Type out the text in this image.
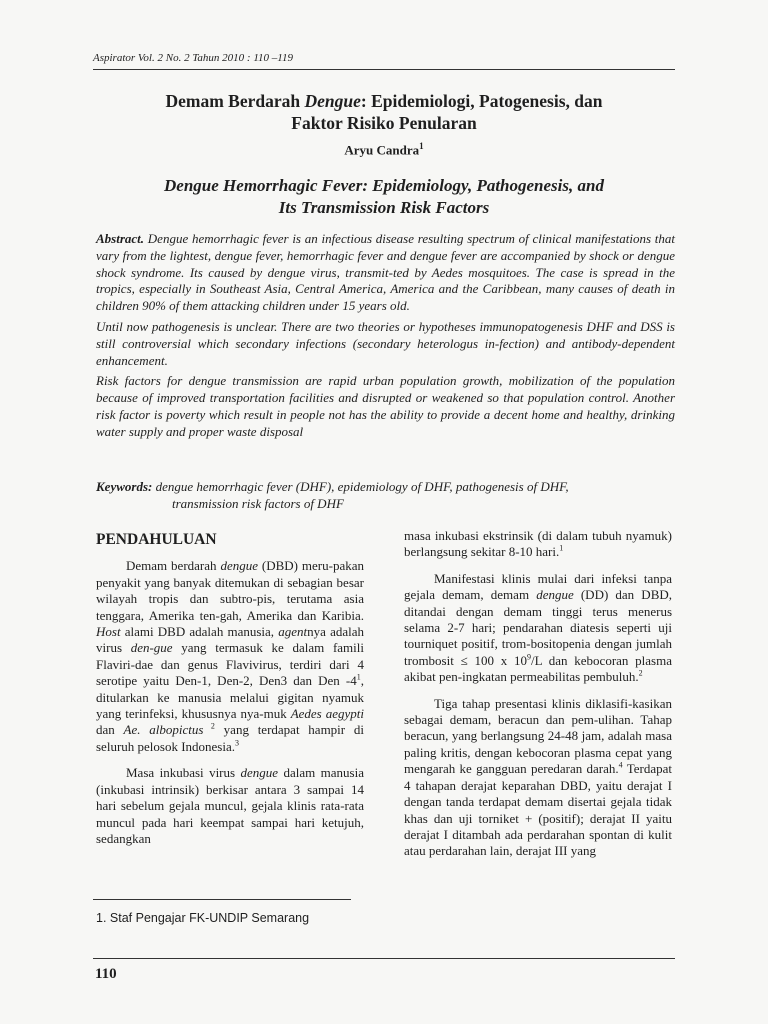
Aspirator Vol. 2 No. 2 Tahun 2010 : 110 –119
Demam Berdarah Dengue: Epidemiologi, Patogenesis, dan
Faktor Risiko Penularan
Aryu Candra$^1$
Dengue Hemorrhagic Fever: Epidemiology, Pathogenesis, and
Its Transmission Risk Factors

Abstract. Dengue hemorrhagic fever is an infectious disease resulting spectrum of clinical manifestations that vary from the lightest, dengue fever, hemorrhagic fever and dengue fever are accompanied by shock or dengue shock syndrome. Its caused by dengue virus, transmit-ted by Aedes mosquitoes. The case is spread in the tropics, especially in Southeast Asia, Central America, America and the Caribbean, many causes of death in children 90% of them attacking children under 15 years old.

Until now pathogenesis is unclear. There are two theories or hypotheses immunopatogenesis DHF and DSS is still controversial which secondary infections (secondary heterologus in-fection) and antibody-dependent enhancement.

Risk factors for dengue transmission are rapid urban population growth, mobilization of the population because of improved transportation facilities and disrupted or weakened so that population control. Another risk factor is poverty which result in people not has the ability to provide a decent home and healthy, drinking water supply and proper waste disposal

Keywords: dengue hemorrhagic fever (DHF), epidemiology of DHF, pathogenesis of DHF,
transmission risk factors of DHF
PENDAHULUAN

Demam berdarah dengue (DBD) meru-pakan penyakit yang banyak ditemukan di sebagian besar wilayah tropis dan subtro-pis, terutama asia tenggara, Amerika ten-gah, Amerika dan Karibia. Host alami DBD adalah manusia, agentnya adalah virus den-gue yang termasuk ke dalam famili Flaviri-dae dan genus Flavivirus, terdiri dari 4 serotipe yaitu Den-1, Den-2, Den3 dan Den $-4^1$, ditularkan ke manusia melalui gigitan nyamuk yang terinfeksi, khususnya nya-muk Aedes aegypti dan Ae. albopictus $^2$ yang terdapat hampir di seluruh pelosok Indonesia.$^3$

Masa inkubasi virus dengue dalam manusia (inkubasi intrinsik) berkisar antara 3 sampai 14 hari sebelum gejala muncul, gejala klinis rata-rata muncul pada hari keempat sampai hari ketujuh, sedangkan

masa inkubasi ekstrinsik (di dalam tubuh nyamuk) berlangsung sekitar 8-10 hari.$^1$

Manifestasi klinis mulai dari infeksi tanpa gejala demam, demam dengue (DD) dan DBD, ditandai dengan demam tinggi terus menerus selama 2-7 hari; pendarahan diatesis seperti uji tourniquet positif, trom-bositopenia dengan jumlah trombosit ≤ 100 x $10^9/L$ dan kebocoran plasma akibat pen-ingkatan permeabilitas pembuluh.$^2$

Tiga tahap presentasi klinis diklasifi-kasikan sebagai demam, beracun dan pem-ulihan. Tahap beracun, yang berlangsung 24-48 jam, adalah masa paling kritis, dengan kebocoran plasma cepat yang mengarah ke gangguan peredaran darah.$^4$ Terdapat 4 tahapan derajat keparahan DBD, yaitu derajat I dengan tanda terdapat demam disertai gejala tidak khas dan uji torniket + (positif); derajat II yaitu derajat I ditambah ada perdarahan spontan di kulit atau perdarahan lain, derajat III yang

1. Staf Pengajar FK-UNDIP Semarang
110
